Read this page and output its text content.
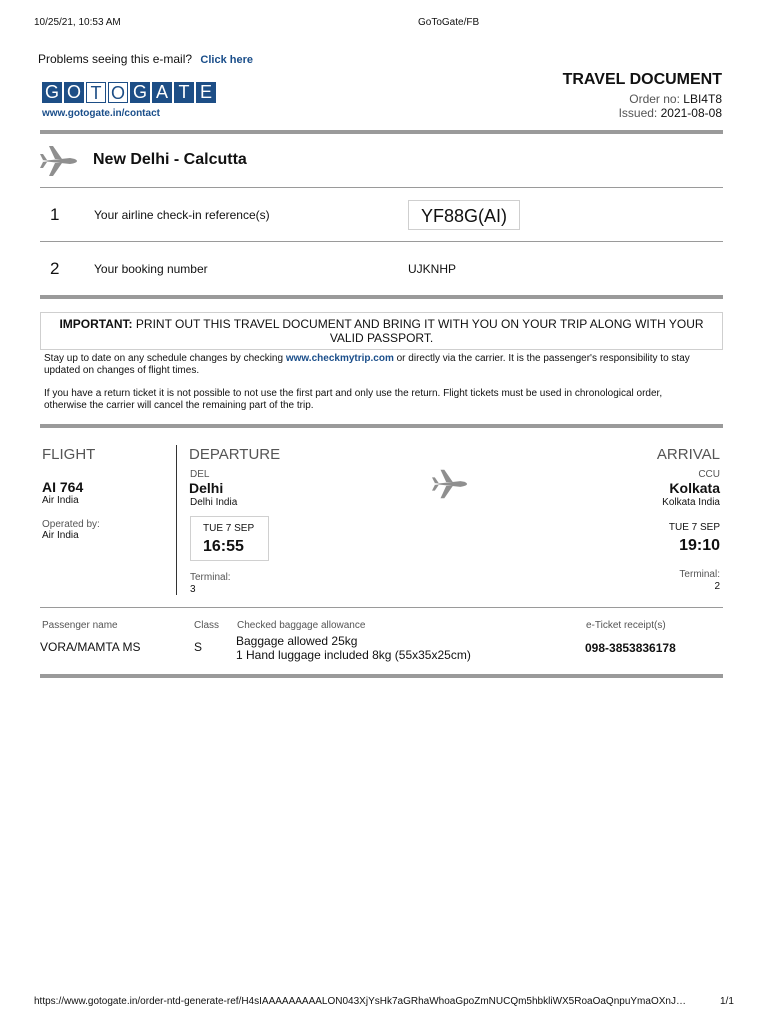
10/25/21, 10:53 AM	GoToGate/FB
Problems seeing this e-mail? Click here
G O T O G A T E
www.gotogate.in/contact
TRAVEL DOCUMENT
Order no: LBI4T8
Issued: 2021-08-08
New Delhi - Calcutta
1	Your airline check-in reference(s)	YF88G(AI)
2	Your booking number	UJKNHP
IMPORTANT: PRINT OUT THIS TRAVEL DOCUMENT AND BRING IT WITH YOU ON YOUR TRIP ALONG WITH YOUR
VALID PASSPORT.
Stay up to date on any schedule changes by checking www.checkmytrip.com or directly via the carrier. It is the passenger's responsibility to stay
updated on changes of flight times.
If you have a return ticket it is not possible to not use the first part and only use the return. Flight tickets must be used in chronological order,
otherwise the carrier will cancel the remaining part of the trip.
FLIGHT
AI 764
Air India
Operated by:
Air India
DEPARTURE
DEL
Delhi
Delhi India
TUE 7 SEP
16:55
Terminal:
3
ARRIVAL
CCU
Kolkata
Kolkata India
TUE 7 SEP
19:10
Terminal:
2
Passenger name
VORA/MAMTA MS
Class
S
Checked baggage allowance
Baggage allowed 25kg
1 Hand luggage included 8kg (55x35x25cm)
e-Ticket receipt(s)
098-3853836178
https://www.gotogate.in/order-ntd-generate-ref/H4sIAAAAAAAAALON043XjYsHk7aGRhaWhoaGpoZmNUCQm5hbkliWX5RoaOaQnpuYmaOXnJ…	1/1
